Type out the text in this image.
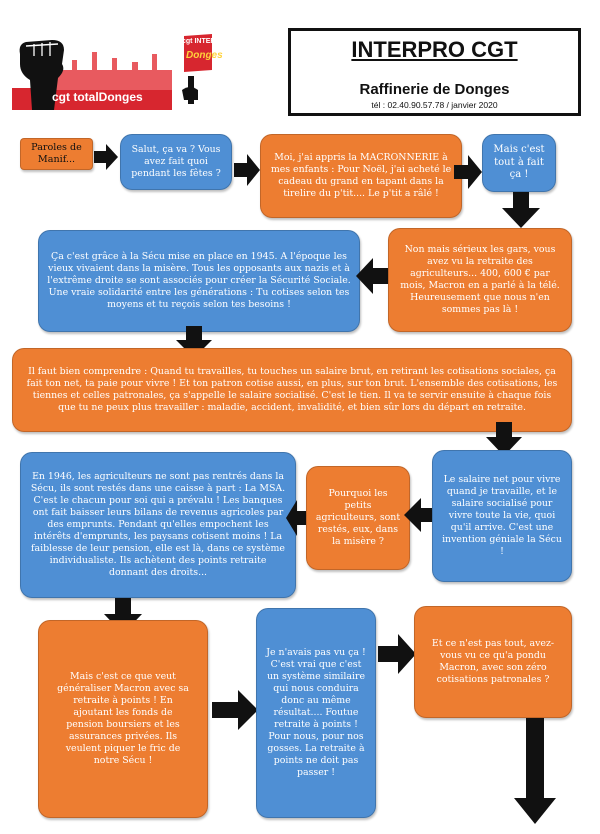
cgt totalDonges
cgt INTER PRO
Donges	INTERPRO CGT
Raffinerie de Donges
tél : 02.40.90.57.78 / janvier 2020
Paroles de Manif...
Salut, ça va ? Vous avez fait quoi pendant les fêtes ?
Moi, j'ai appris la MACRONNERIE à mes enfants : Pour Noël, j'ai acheté le cadeau du grand en tapant dans la tirelire du p'tit.... Le p'tit a râlé !
Mais c'est tout à fait ça !
Ça c'est grâce à la Sécu mise en place en 1945. A l'époque les vieux vivaient dans la misère. Tous les opposants aux nazis et à l'extrême droite se sont associés pour créer la Sécurité Sociale. Une vraie solidarité entre les générations : Tu cotises selon tes moyens et tu reçois selon tes besoins !
Non mais sérieux les gars, vous avez vu la retraite des agriculteurs... 400, 600 € par mois, Macron en a parlé à la télé. Heureusement que nous n'en sommes pas là !
Il faut bien comprendre : Quand tu travailles, tu touches un salaire brut, en retirant les cotisations sociales, ça fait ton net, ta paie pour vivre ! Et ton patron cotise aussi, en plus, sur ton brut. L'ensemble des cotisations, les tiennes et celles patronales, ça s'appelle le salaire socialisé. C'est le tien. Il va te servir ensuite à chaque fois que tu ne peux plus travailler : maladie, accident, invalidité, et bien sûr lors du départ en retraite.
En 1946, les agriculteurs ne sont pas rentrés dans la Sécu, ils sont restés dans une caisse à part : La MSA. C'est le chacun pour soi qui a prévalu ! Les banques ont fait baisser leurs bilans de revenus agricoles par des emprunts. Pendant qu'elles empochent les intérêts d'emprunts, les paysans cotisent moins ! La faiblesse de leur pension, elle est là, dans ce système individualiste. Ils achètent des points retraite donnant des droits...
Pourquoi les petits agriculteurs, sont restés, eux, dans la misère ?
Le salaire net pour vivre quand je travaille, et le salaire socialisé pour vivre toute la vie, quoi qu'il arrive. C'est une invention géniale la Sécu !
Mais c'est ce que veut généraliser Macron avec sa retraite à points ! En ajoutant les fonds de pension boursiers et les assurances privées. Ils veulent piquer le fric de notre Sécu !
Je n'avais pas vu ça ! C'est vrai que c'est un système similaire qui nous conduira donc au même résultat.... Foutue retraite à points ! Pour nous, pour nos gosses. La retraite à points ne doit pas passer !
Et ce n'est pas tout, avez-vous vu ce qu'a pondu Macron, avec son zéro cotisations patronales ?
